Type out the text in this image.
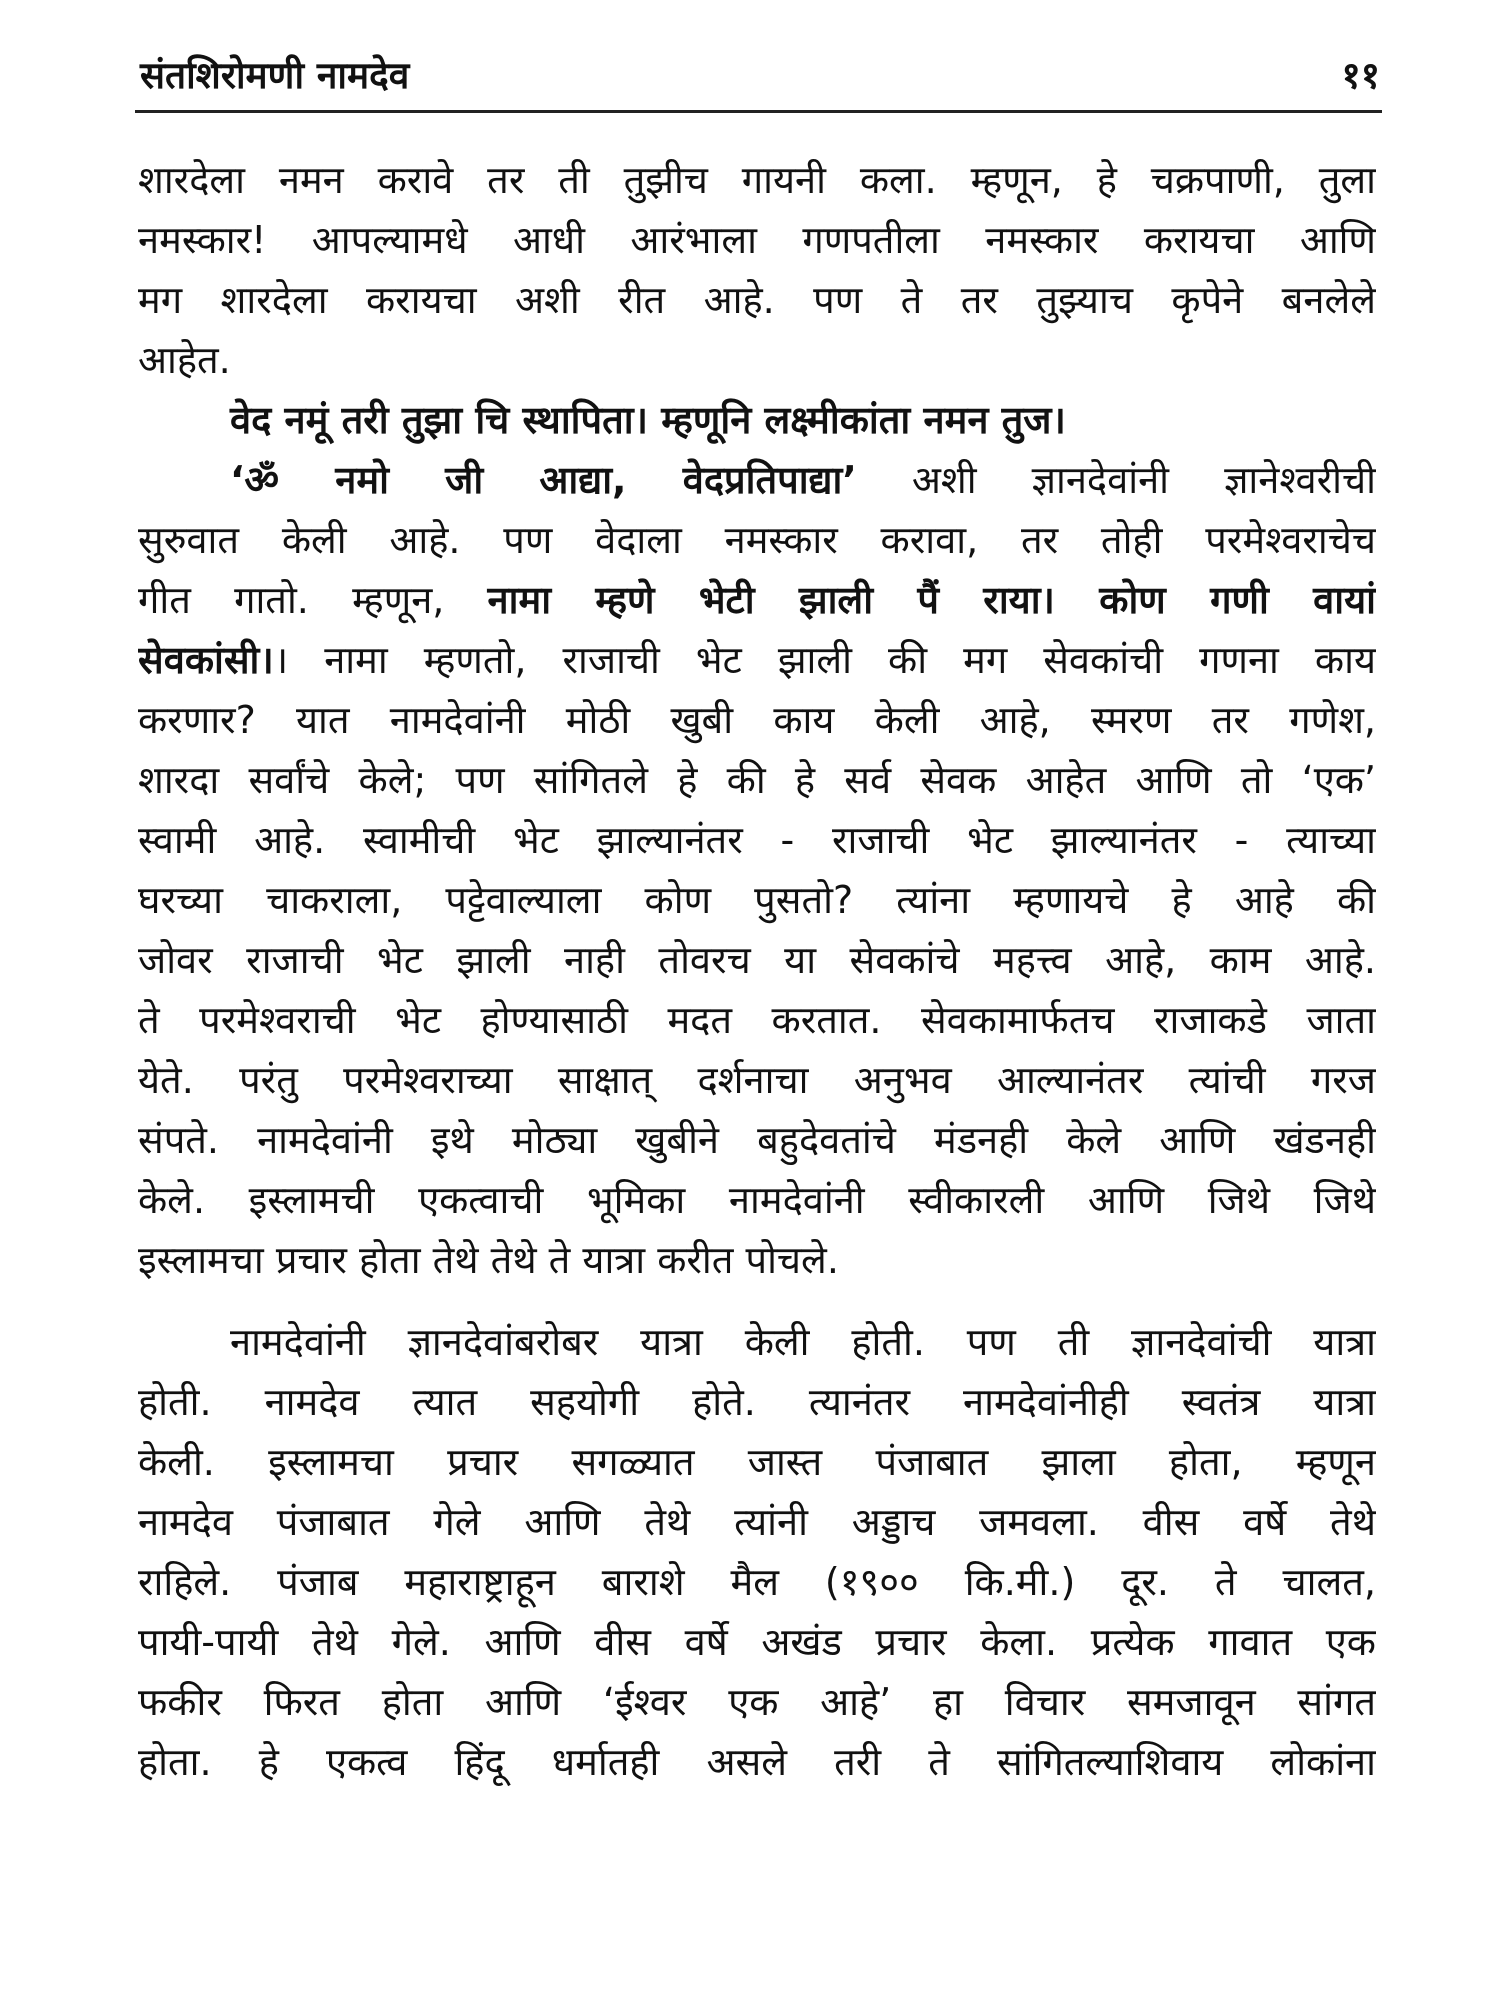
संतशिरोमणी नामदेव	११
शारदेला नमन करावे तर ती तुझीच गायनी कला. म्हणून, हे चक्रपाणी, तुला
नमस्कार! आपल्यामधे आधी आरंभाला गणपतीला नमस्कार करायचा आणि
मग शारदेला करायचा अशी रीत आहे. पण ते तर तुझ्याच कृपेने बनलेले
आहेत.
वेद नमूं तरी तुझा चि स्थापिता। म्हणूनि लक्ष्मीकांता नमन तुज।
‘ॐ नमो जी आद्या, वेदप्रतिपाद्या’ अशी ज्ञानदेवांनी ज्ञानेश्वरीची
सुरुवात केली आहे. पण वेदाला नमस्कार करावा, तर तोही परमेश्वराचेच
गीत गातो. म्हणून, नामा म्हणे भेटी झाली पैं राया। कोण गणी वायां
सेवकांसी।। नामा म्हणतो, राजाची भेट झाली की मग सेवकांची गणना काय
करणार? यात नामदेवांनी मोठी खुबी काय केली आहे, स्मरण तर गणेश,
शारदा सर्वांचे केले; पण सांगितले हे की हे सर्व सेवक आहेत आणि तो ‘एक’
स्वामी आहे. स्वामीची भेट झाल्यानंतर - राजाची भेट झाल्यानंतर - त्याच्या
घरच्या चाकराला, पट्टेवाल्याला कोण पुसतो? त्यांना म्हणायचे हे आहे की
जोवर राजाची भेट झाली नाही तोवरच या सेवकांचे महत्त्व आहे, काम आहे.
ते परमेश्वराची भेट होण्यासाठी मदत करतात. सेवकामार्फतच राजाकडे जाता
येते. परंतु परमेश्वराच्या साक्षात् दर्शनाचा अनुभव आल्यानंतर त्यांची गरज
संपते. नामदेवांनी इथे मोठ्या खुबीने बहुदेवतांचे मंडनही केले आणि खंडनही
केले. इस्लामची एकत्वाची भूमिका नामदेवांनी स्वीकारली आणि जिथे जिथे
इस्लामचा प्रचार होता तेथे तेथे ते यात्रा करीत पोचले.
नामदेवांनी ज्ञानदेवांबरोबर यात्रा केली होती. पण ती ज्ञानदेवांची यात्रा
होती. नामदेव त्यात सहयोगी होते. त्यानंतर नामदेवांनीही स्वतंत्र यात्रा
केली. इस्लामचा प्रचार सगळ्यात जास्त पंजाबात झाला होता, म्हणून
नामदेव पंजाबात गेले आणि तेथे त्यांनी अड्डाच जमवला. वीस वर्षे तेथे
राहिले. पंजाब महाराष्ट्राहून बाराशे मैल (१९०० कि.मी.) दूर. ते चालत,
पायी-पायी तेथे गेले. आणि वीस वर्षे अखंड प्रचार केला. प्रत्येक गावात एक
फकीर फिरत होता आणि ‘ईश्वर एक आहे’ हा विचार समजावून सांगत
होता. हे एकत्व हिंदू धर्मातही असले तरी ते सांगितल्याशिवाय लोकांना
